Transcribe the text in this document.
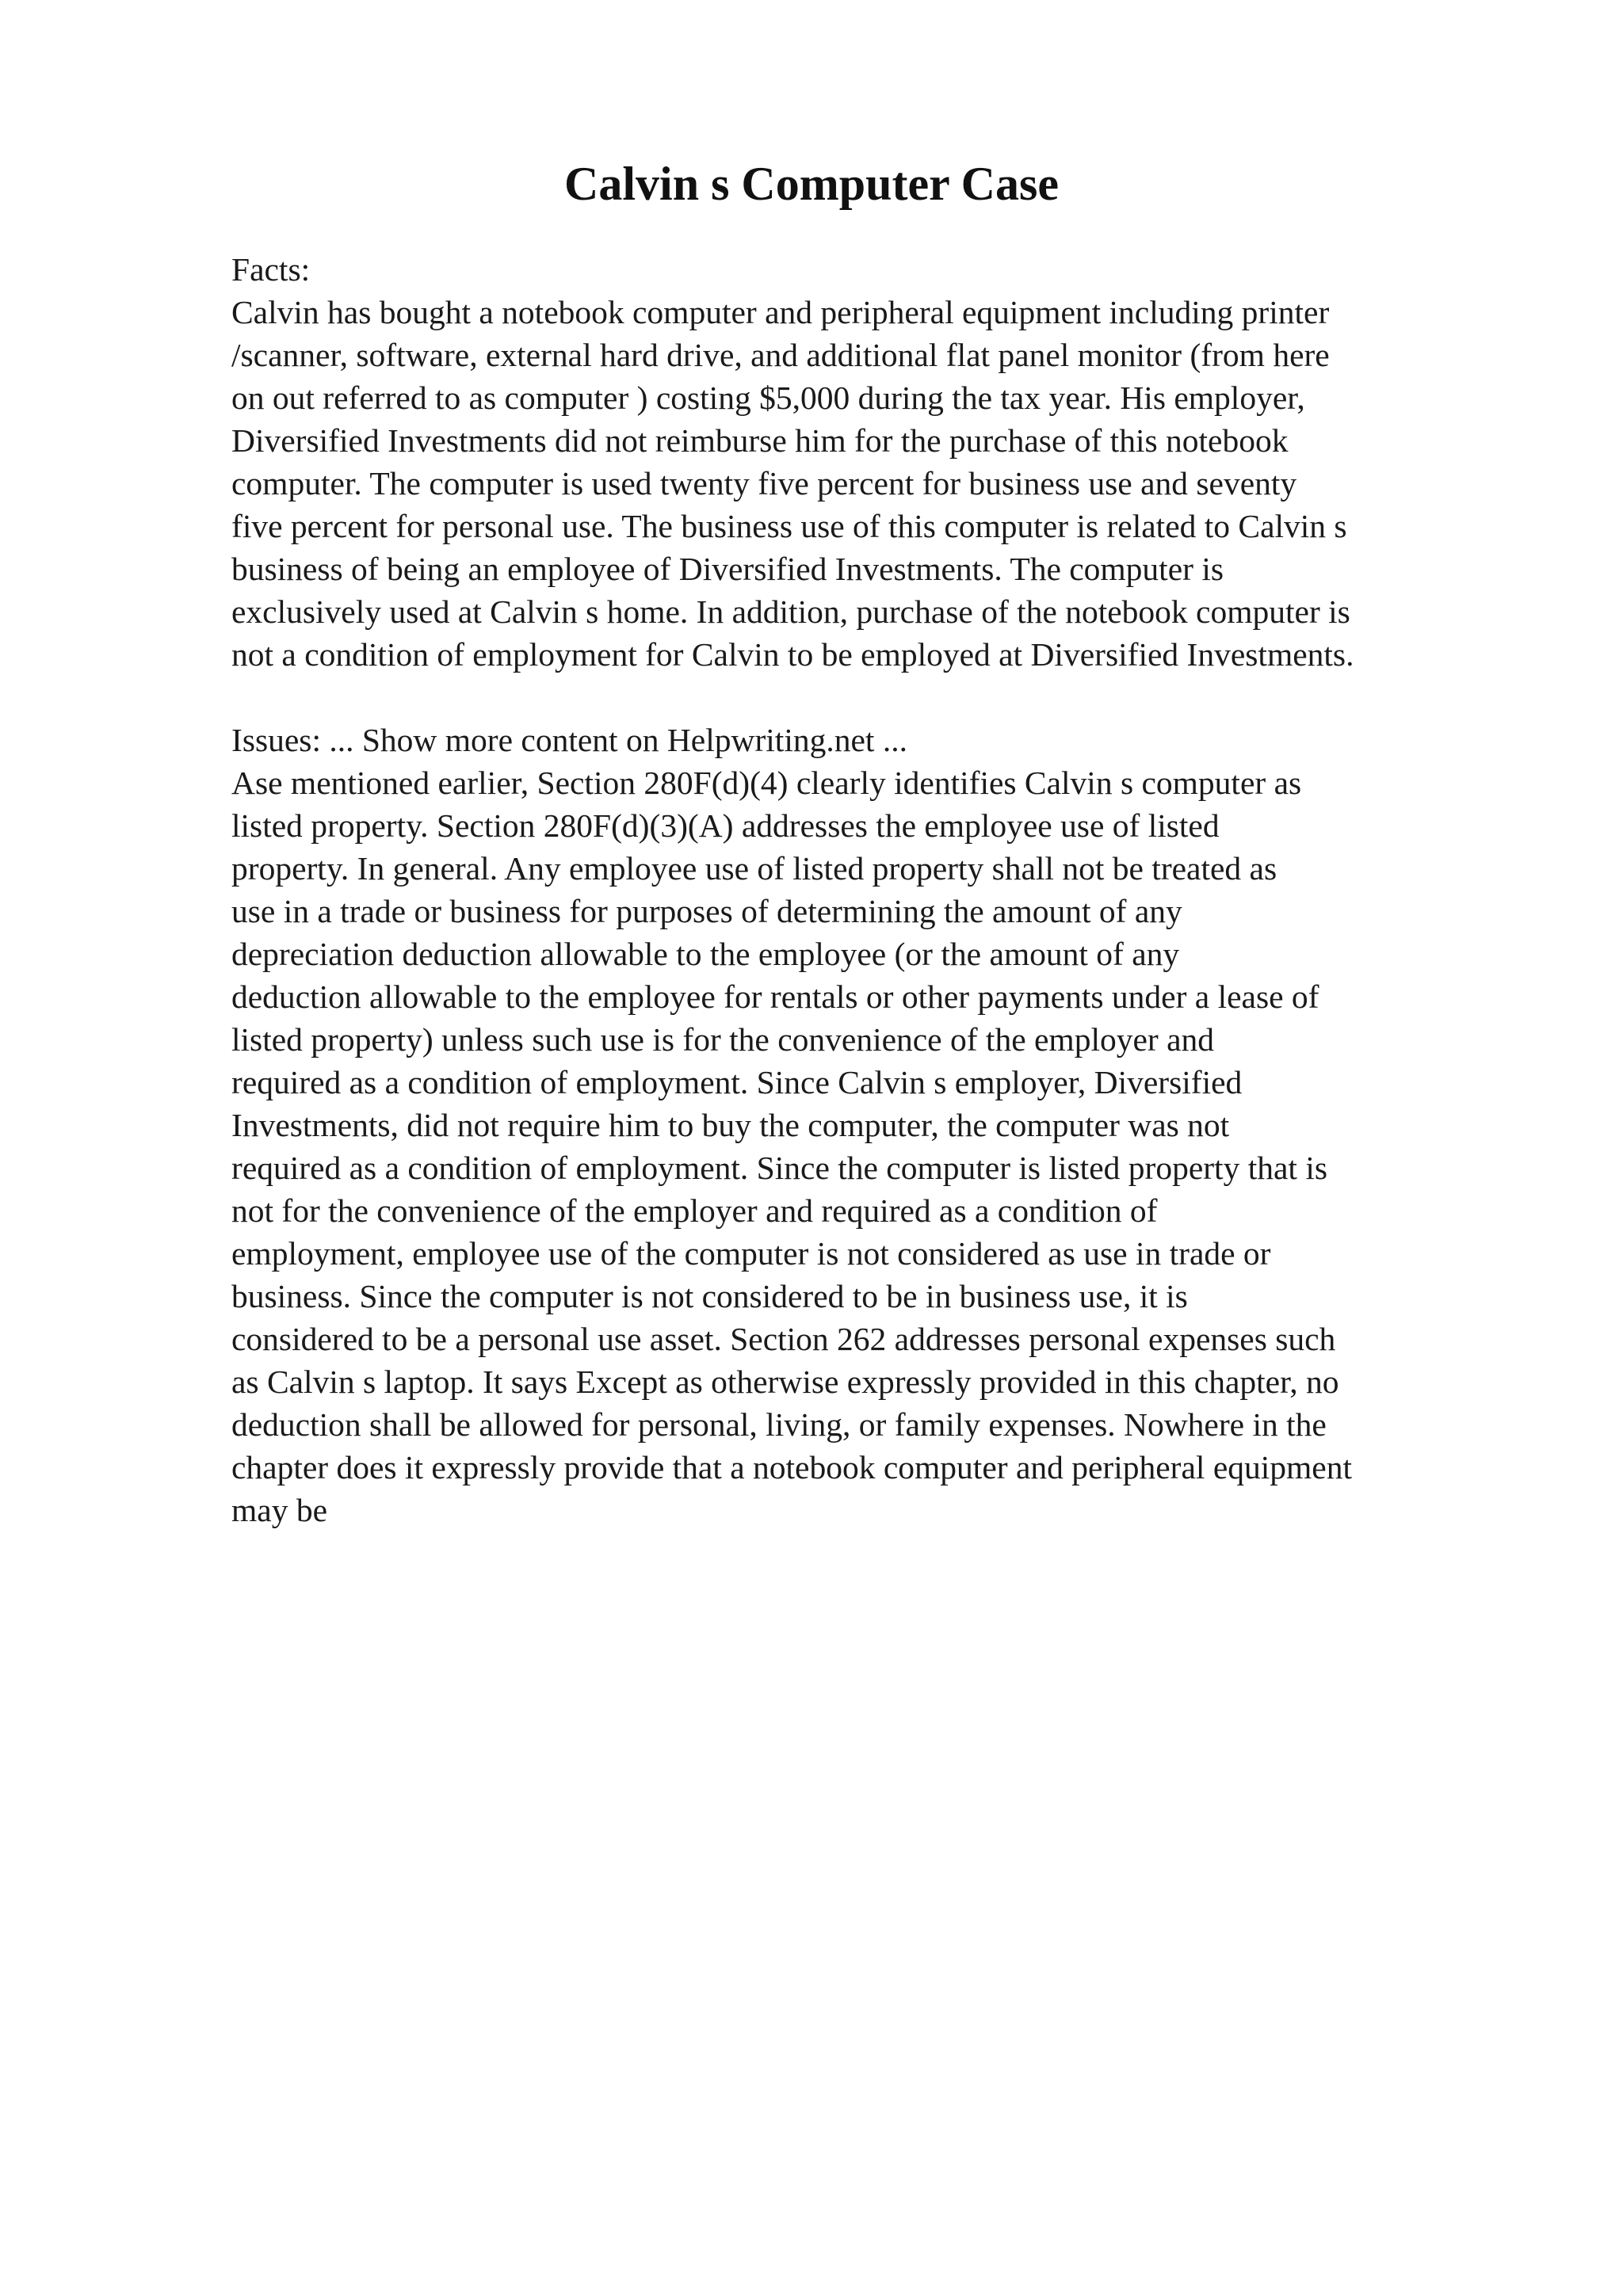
Calvin s Computer Case

Facts:

Calvin has bought a notebook computer and peripheral equipment including printer

/scanner, software, external hard drive, and additional flat panel monitor (from here

on out referred to as computer ) costing $5,000 during the tax year. His employer,

Diversified Investments did not reimburse him for the purchase of this notebook

computer. The computer is used twenty five percent for business use and seventy

five percent for personal use. The business use of this computer is related to Calvin s

business of being an employee of Diversified Investments. The computer is

exclusively used at Calvin s home. In addition, purchase of the notebook computer is

not a condition of employment for Calvin to be employed at Diversified Investments.

Issues: ... Show more content on Helpwriting.net ...

Ase mentioned earlier, Section 280F(d)(4) clearly identifies Calvin s computer as

listed property. Section 280F(d)(3)(A) addresses the employee use of listed

property. In general. Any employee use of listed property shall not be treated as

use in a trade or business for purposes of determining the amount of any

depreciation deduction allowable to the employee (or the amount of any

deduction allowable to the employee for rentals or other payments under a lease of

listed property) unless such use is for the convenience of the employer and

required as a condition of employment. Since Calvin s employer, Diversified

Investments, did not require him to buy the computer, the computer was not

required as a condition of employment. Since the computer is listed property that is

not for the convenience of the employer and required as a condition of

employment, employee use of the computer is not considered as use in trade or

business. Since the computer is not considered to be in business use, it is

considered to be a personal use asset. Section 262 addresses personal expenses such

as Calvin s laptop. It says Except as otherwise expressly provided in this chapter, no

deduction shall be allowed for personal, living, or family expenses. Nowhere in the

chapter does it expressly provide that a notebook computer and peripheral equipment

may be
